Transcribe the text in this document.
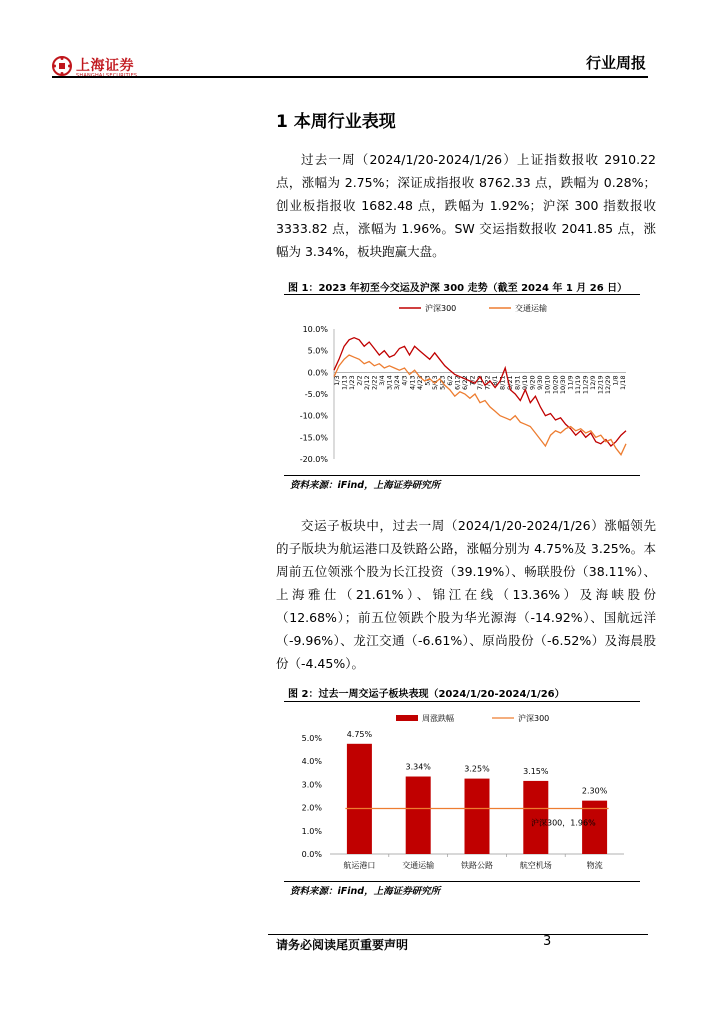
上海证券	行业周报
1 本周行业表现
过去一周（2024/1/20-2024/1/26）上证指数报收 2910.22 点，涨幅为 2.75%；深证成指报收 8762.33 点，跌幅为 0.28%；创业板指报收 1682.48 点，跌幅为 1.92%；沪深 300 指数报收 3333.82 点，涨幅为 1.96%。SW 交运指数报收 2041.85 点，涨幅为 3.34%，板块跑赢大盘。
图 1：2023 年初至今交运及沪深 300 走势（截至 2024 年 1 月 26 日）
沪深300	交通运输
10.0%
5.0%
0.0%
-5.0%
-10.0%
-15.0%
-20.0%
1/3 1/13 1/23 2/2 2/12 2/22 3/4 3/14 3/24 4/3 4/13 4/23 5/3 5/13 5/23 6/2 6/12 6/22 7/2 7/12 7/22 8/1 8/11 8/21 8/31 9/10 9/20 9/30 10/10 10/20 10/30 11/9 11/19 11/29 12/9 12/19 12/29 1/8 1/18
资料来源：iFind，上海证券研究所
交运子板块中，过去一周（2024/1/20-2024/1/26）涨幅领先的子版块为航运港口及铁路公路，涨幅分别为 4.75%及 3.25%。本周前五位领涨个股为长江投资（39.19%）、畅联股份（38.11%）、上海雅仕（21.61%）、锦江在线（13.36%）及海峡股份（12.68%）；前五位领跌个股为华光源海（-14.92%）、国航远洋（-9.96%）、龙江交通（-6.61%）、原尚股份（-6.52%）及海晨股份（-4.45%）。
图 2：过去一周交运子板块表现（2024/1/20-2024/1/26）
周涨跌幅	沪深300
5.0%
4.0%
3.0%
2.0%
1.0%
0.0%
4.75%
航运港口
3.34%
交通运输
3.25%
铁路公路
3.15%
航空机场
2.30%
物流
沪深300，1.96%
资料来源：iFind，上海证券研究所
请务必阅读尾页重要声明	3
